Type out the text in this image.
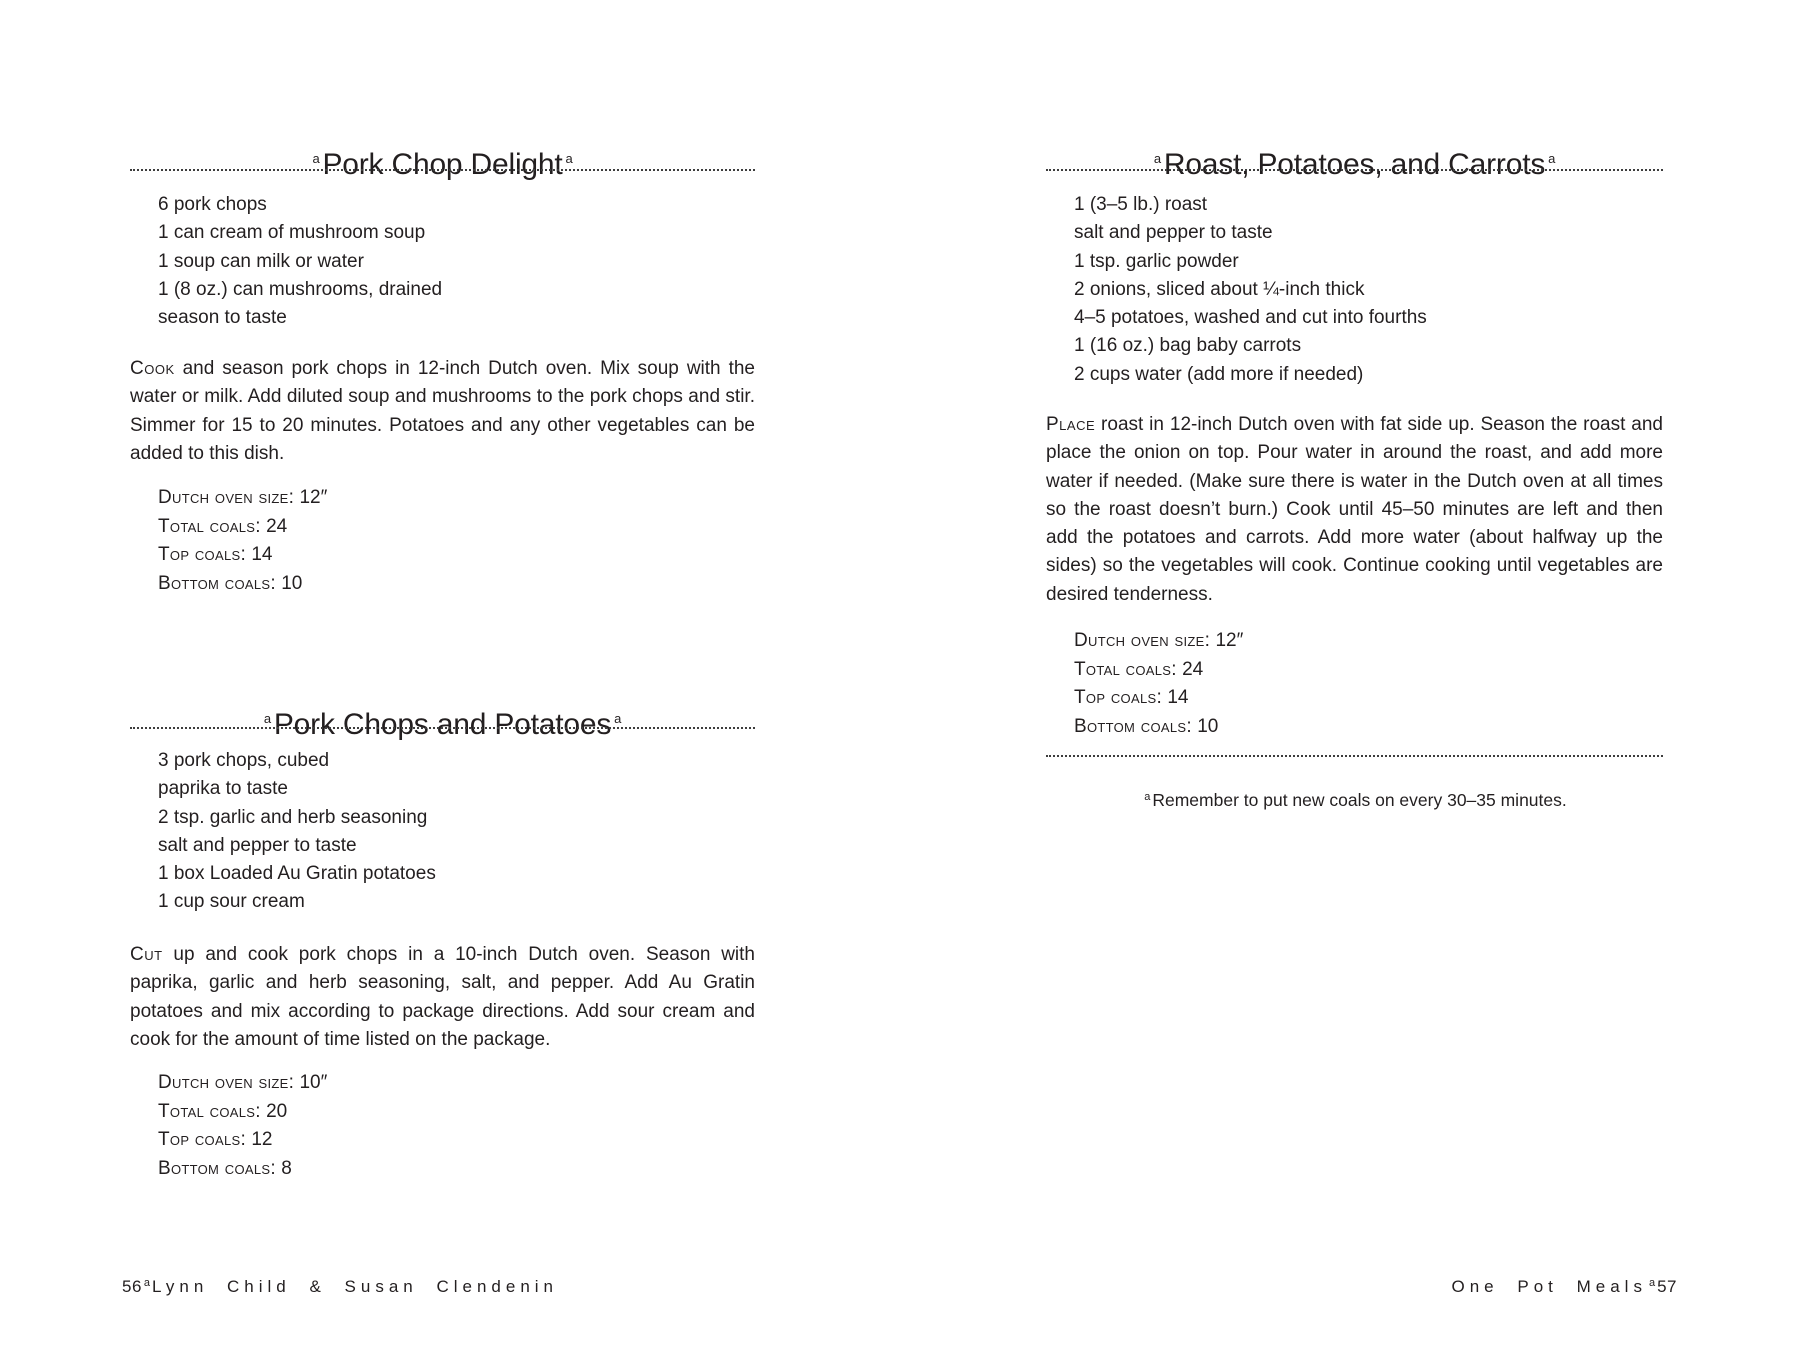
$^a$ Pork Chop Delight $^a$
6 pork chops
1 can cream of mushroom soup
1 soup can milk or water
1 (8 oz.) can mushrooms, drained
season to taste

Cook and season pork chops in 12-inch Dutch oven. Mix soup with the water or milk. Add diluted soup and mushrooms to the pork chops and stir. Simmer for 15 to 20 minutes. Potatoes and any other vegetables can be added to this dish.

Dutch oven size: 12″
Total coals: 24
Top coals: 14
Bottom coals: 10
$^a$ Pork Chops and Potatoes $^a$
3 pork chops, cubed
paprika to taste
2 tsp. garlic and herb seasoning
salt and pepper to taste
1 box Loaded Au Gratin potatoes
1 cup sour cream

Cut up and cook pork chops in a 10-inch Dutch oven. Season with paprika, garlic and herb seasoning, salt, and pepper. Add Au Gratin potatoes and mix according to package directions. Add sour cream and cook for the amount of time listed on the package.

Dutch oven size: 10″
Total coals: 20
Top coals: 12
Bottom coals: 8
$^a$ Roast, Potatoes, and Carrots $^a$
1 (3–5 lb.) roast
salt and pepper to taste
1 tsp. garlic powder
2 onions, sliced about ¼-inch thick
4–5 potatoes, washed and cut into fourths
1 (16 oz.) bag baby carrots
2 cups water (add more if needed)

Place roast in 12-inch Dutch oven with fat side up. Season the roast and place the onion on top. Pour water in around the roast, and add more water if needed. (Make sure there is water in the Dutch oven at all times so the roast doesn’t burn.) Cook until 45–50 minutes are left and then add the potatoes and carrots. Add more water (about halfway up the sides) so the vegetables will cook. Continue cooking until vegetables are desired tenderness.

Dutch oven size: 12″
Total coals: 24
Top coals: 14
Bottom coals: 10

$^a$ Remember to put new coals on every 30–35 minutes.

56 $^a$ Lynn Child & Susan Clendenin	One Pot Meals $^a$ 57
